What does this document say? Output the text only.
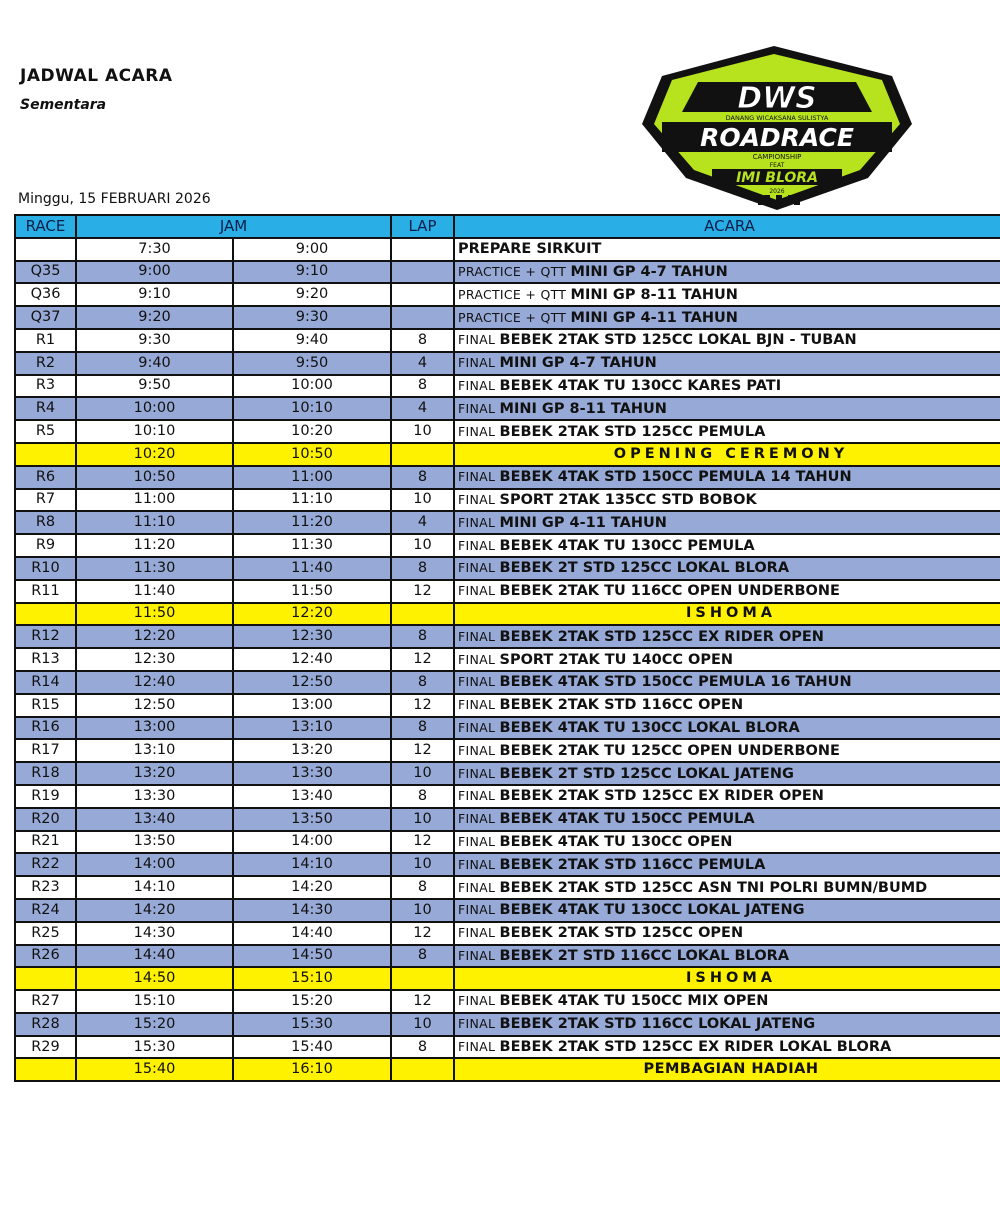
JADWAL ACARA
Sementara
Minggu, 15 FEBRUARI 2026
DWS
DANANG WICAKSANA SULISTYA
ROADRACE
CAMPIONSHIP
FEAT
IMI BLORA
2026
RACE	JAM		LAP	ACARA
	7:30	9:00		PREPARE SIRKUIT
Q35	9:00	9:10		PRACTICE + QTT MINI GP 4-7 TAHUN
Q36	9:10	9:20		PRACTICE + QTT MINI GP 8-11 TAHUN
Q37	9:20	9:30		PRACTICE + QTT MINI GP 4-11 TAHUN
R1	9:30	9:40	8	FINAL BEBEK 2TAK STD 125CC LOKAL BJN - TUBAN
R2	9:40	9:50	4	FINAL MINI GP 4-7 TAHUN
R3	9:50	10:00	8	FINAL BEBEK 4TAK TU 130CC KARES PATI
R4	10:00	10:10	4	FINAL MINI GP 8-11 TAHUN
R5	10:10	10:20	10	FINAL BEBEK 2TAK STD 125CC PEMULA
	10:20	10:50		OPENING CEREMONY
R6	10:50	11:00	8	FINAL BEBEK 4TAK STD 150CC PEMULA 14 TAHUN
R7	11:00	11:10	10	FINAL SPORT 2TAK 135CC STD BOBOK
R8	11:10	11:20	4	FINAL MINI GP 4-11 TAHUN
R9	11:20	11:30	10	FINAL BEBEK 4TAK TU 130CC PEMULA
R10	11:30	11:40	8	FINAL BEBEK 2T STD 125CC LOKAL BLORA
R11	11:40	11:50	12	FINAL BEBEK 2TAK TU 116CC OPEN UNDERBONE
	11:50	12:20		ISHOMA
R12	12:20	12:30	8	FINAL BEBEK 2TAK STD 125CC EX RIDER OPEN
R13	12:30	12:40	12	FINAL SPORT 2TAK TU 140CC OPEN
R14	12:40	12:50	8	FINAL BEBEK 4TAK STD 150CC PEMULA 16 TAHUN
R15	12:50	13:00	12	FINAL BEBEK 2TAK STD 116CC OPEN
R16	13:00	13:10	8	FINAL BEBEK 4TAK TU 130CC LOKAL BLORA
R17	13:10	13:20	12	FINAL BEBEK 2TAK TU 125CC OPEN UNDERBONE
R18	13:20	13:30	10	FINAL BEBEK 2T STD 125CC LOKAL JATENG
R19	13:30	13:40	8	FINAL BEBEK 2TAK STD 125CC EX RIDER OPEN
R20	13:40	13:50	10	FINAL BEBEK 4TAK TU 150CC PEMULA
R21	13:50	14:00	12	FINAL BEBEK 4TAK TU 130CC OPEN
R22	14:00	14:10	10	FINAL BEBEK 2TAK STD 116CC PEMULA
R23	14:10	14:20	8	FINAL BEBEK 2TAK STD 125CC ASN TNI POLRI BUMN/BUMD
R24	14:20	14:30	10	FINAL BEBEK 4TAK TU 130CC LOKAL JATENG
R25	14:30	14:40	12	FINAL BEBEK 2TAK STD 125CC OPEN
R26	14:40	14:50	8	FINAL BEBEK 2T STD 116CC LOKAL BLORA
	14:50	15:10		ISHOMA
R27	15:10	15:20	12	FINAL BEBEK 4TAK TU 150CC MIX OPEN
R28	15:20	15:30	10	FINAL BEBEK 2TAK STD 116CC LOKAL JATENG
R29	15:30	15:40	8	FINAL BEBEK 2TAK STD 125CC EX RIDER LOKAL BLORA
	15:40	16:10		PEMBAGIAN HADIAH
